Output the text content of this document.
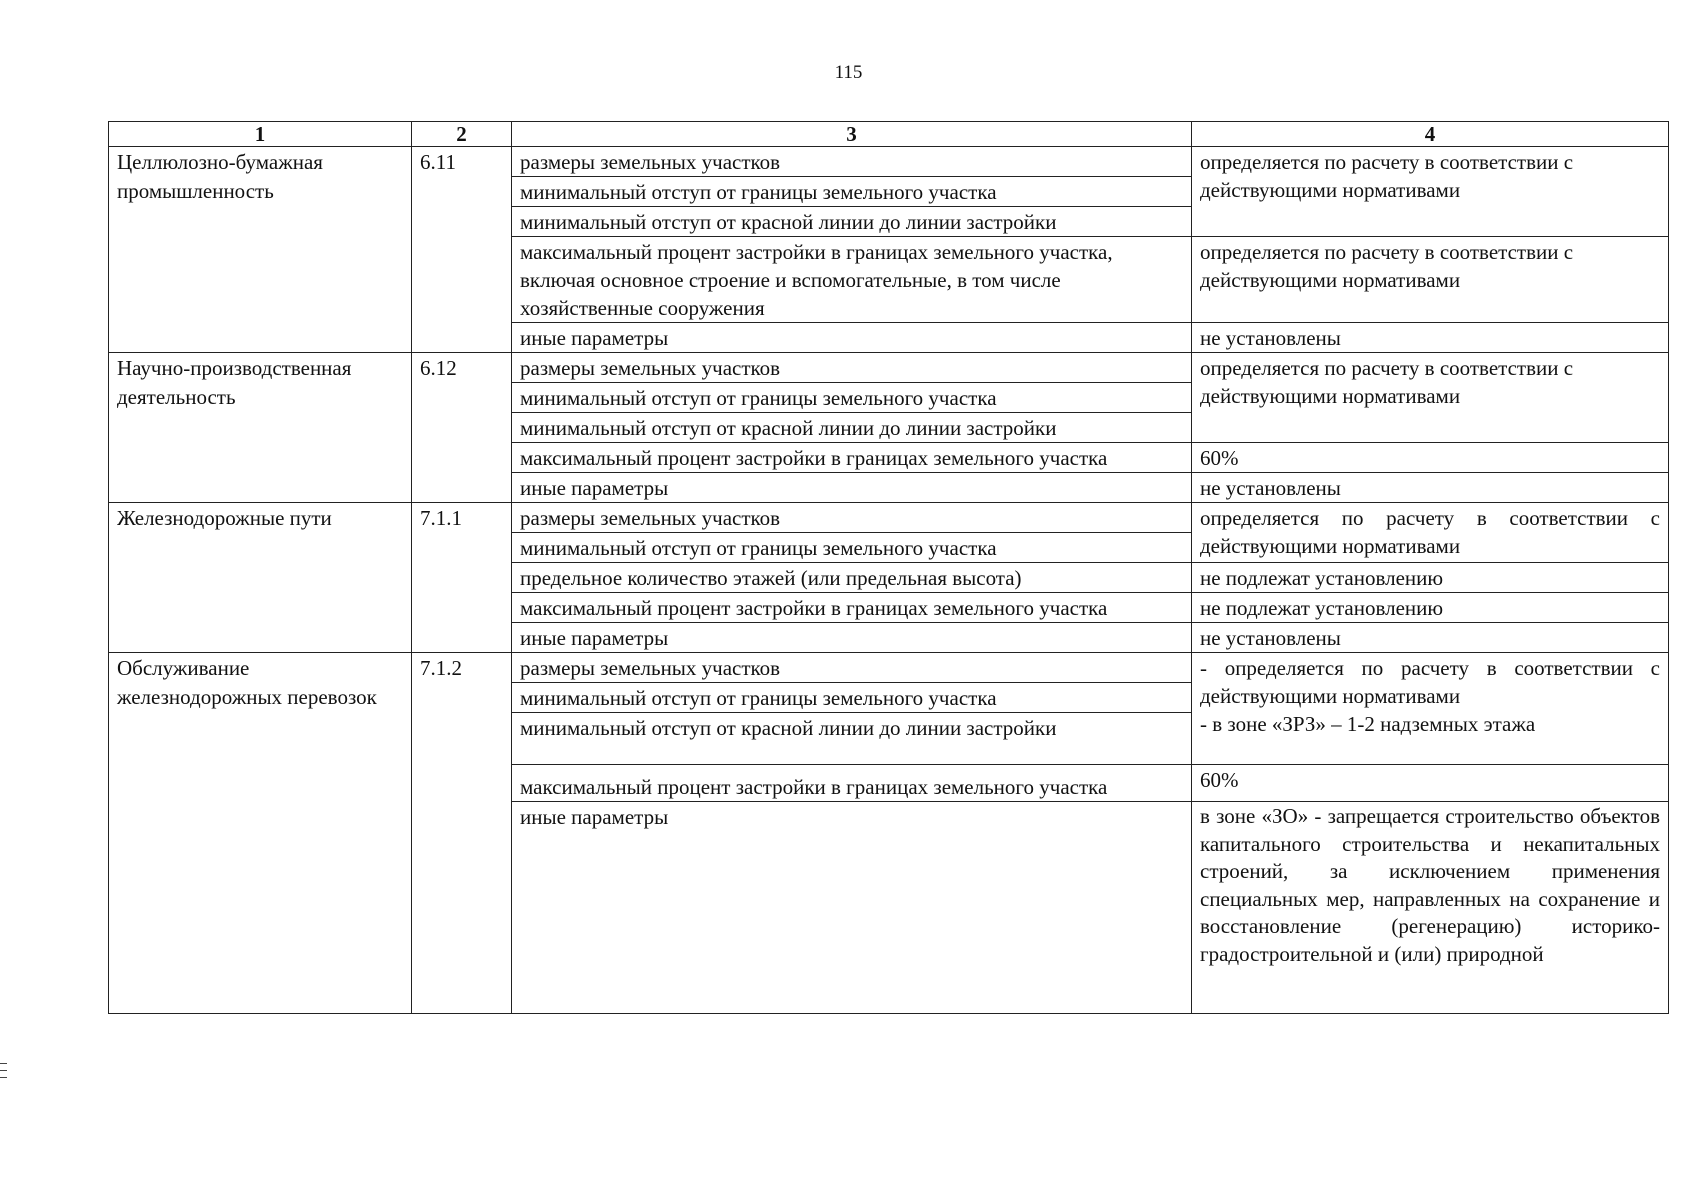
115
1	2	3	4
Целлюлозно-бумажная промышленность	6.11	размеры земельных участков	определяется по расчету в соответствии с действующими нормативами
		минимальный отступ от границы земельного участка	
		минимальный отступ от красной линии до линии застройки	
		максимальный процент застройки в границах земельного участка, включая основное строение и вспомогательные, в том числе хозяйственные сооружения	определяется по расчету в соответствии с действующими нормативами
		иные параметры	не установлены
Научно-производственная деятельность	6.12	размеры земельных участков	определяется по расчету в соответствии с действующими нормативами
		минимальный отступ от границы земельного участка	
		минимальный отступ от красной линии до линии застройки	
		максимальный процент застройки в границах земельного участка	60%
		иные параметры	не установлены
Железнодорожные пути	7.1.1	размеры земельных участков	определяется по расчету в соответствии с действующими нормативами
		минимальный отступ от границы земельного участка	
		предельное количество этажей (или предельная высота)	не подлежат установлению
		максимальный процент застройки в границах земельного участка	не подлежат установлению
		иные параметры	не установлены
Обслуживание железнодорожных перевозок	7.1.2	размеры земельных участков	- определяется по расчету в соответствии с действующими нормативами
- в зоне «ЗРЗ» – 1-2 надземных этажа

		минимальный отступ от границы земельного участка	
		минимальный отступ от красной линии до линии застройки	
		максимальный процент застройки в границах земельного участка	60%
		иные параметры	в зоне «ЗО» - запрещается строительство объектов капитального строительства и некапитальных строений, за исключением применения специальных мер, направленных на сохранение и восстановление (регенерацию) историко-градостроительной и (или) природной
